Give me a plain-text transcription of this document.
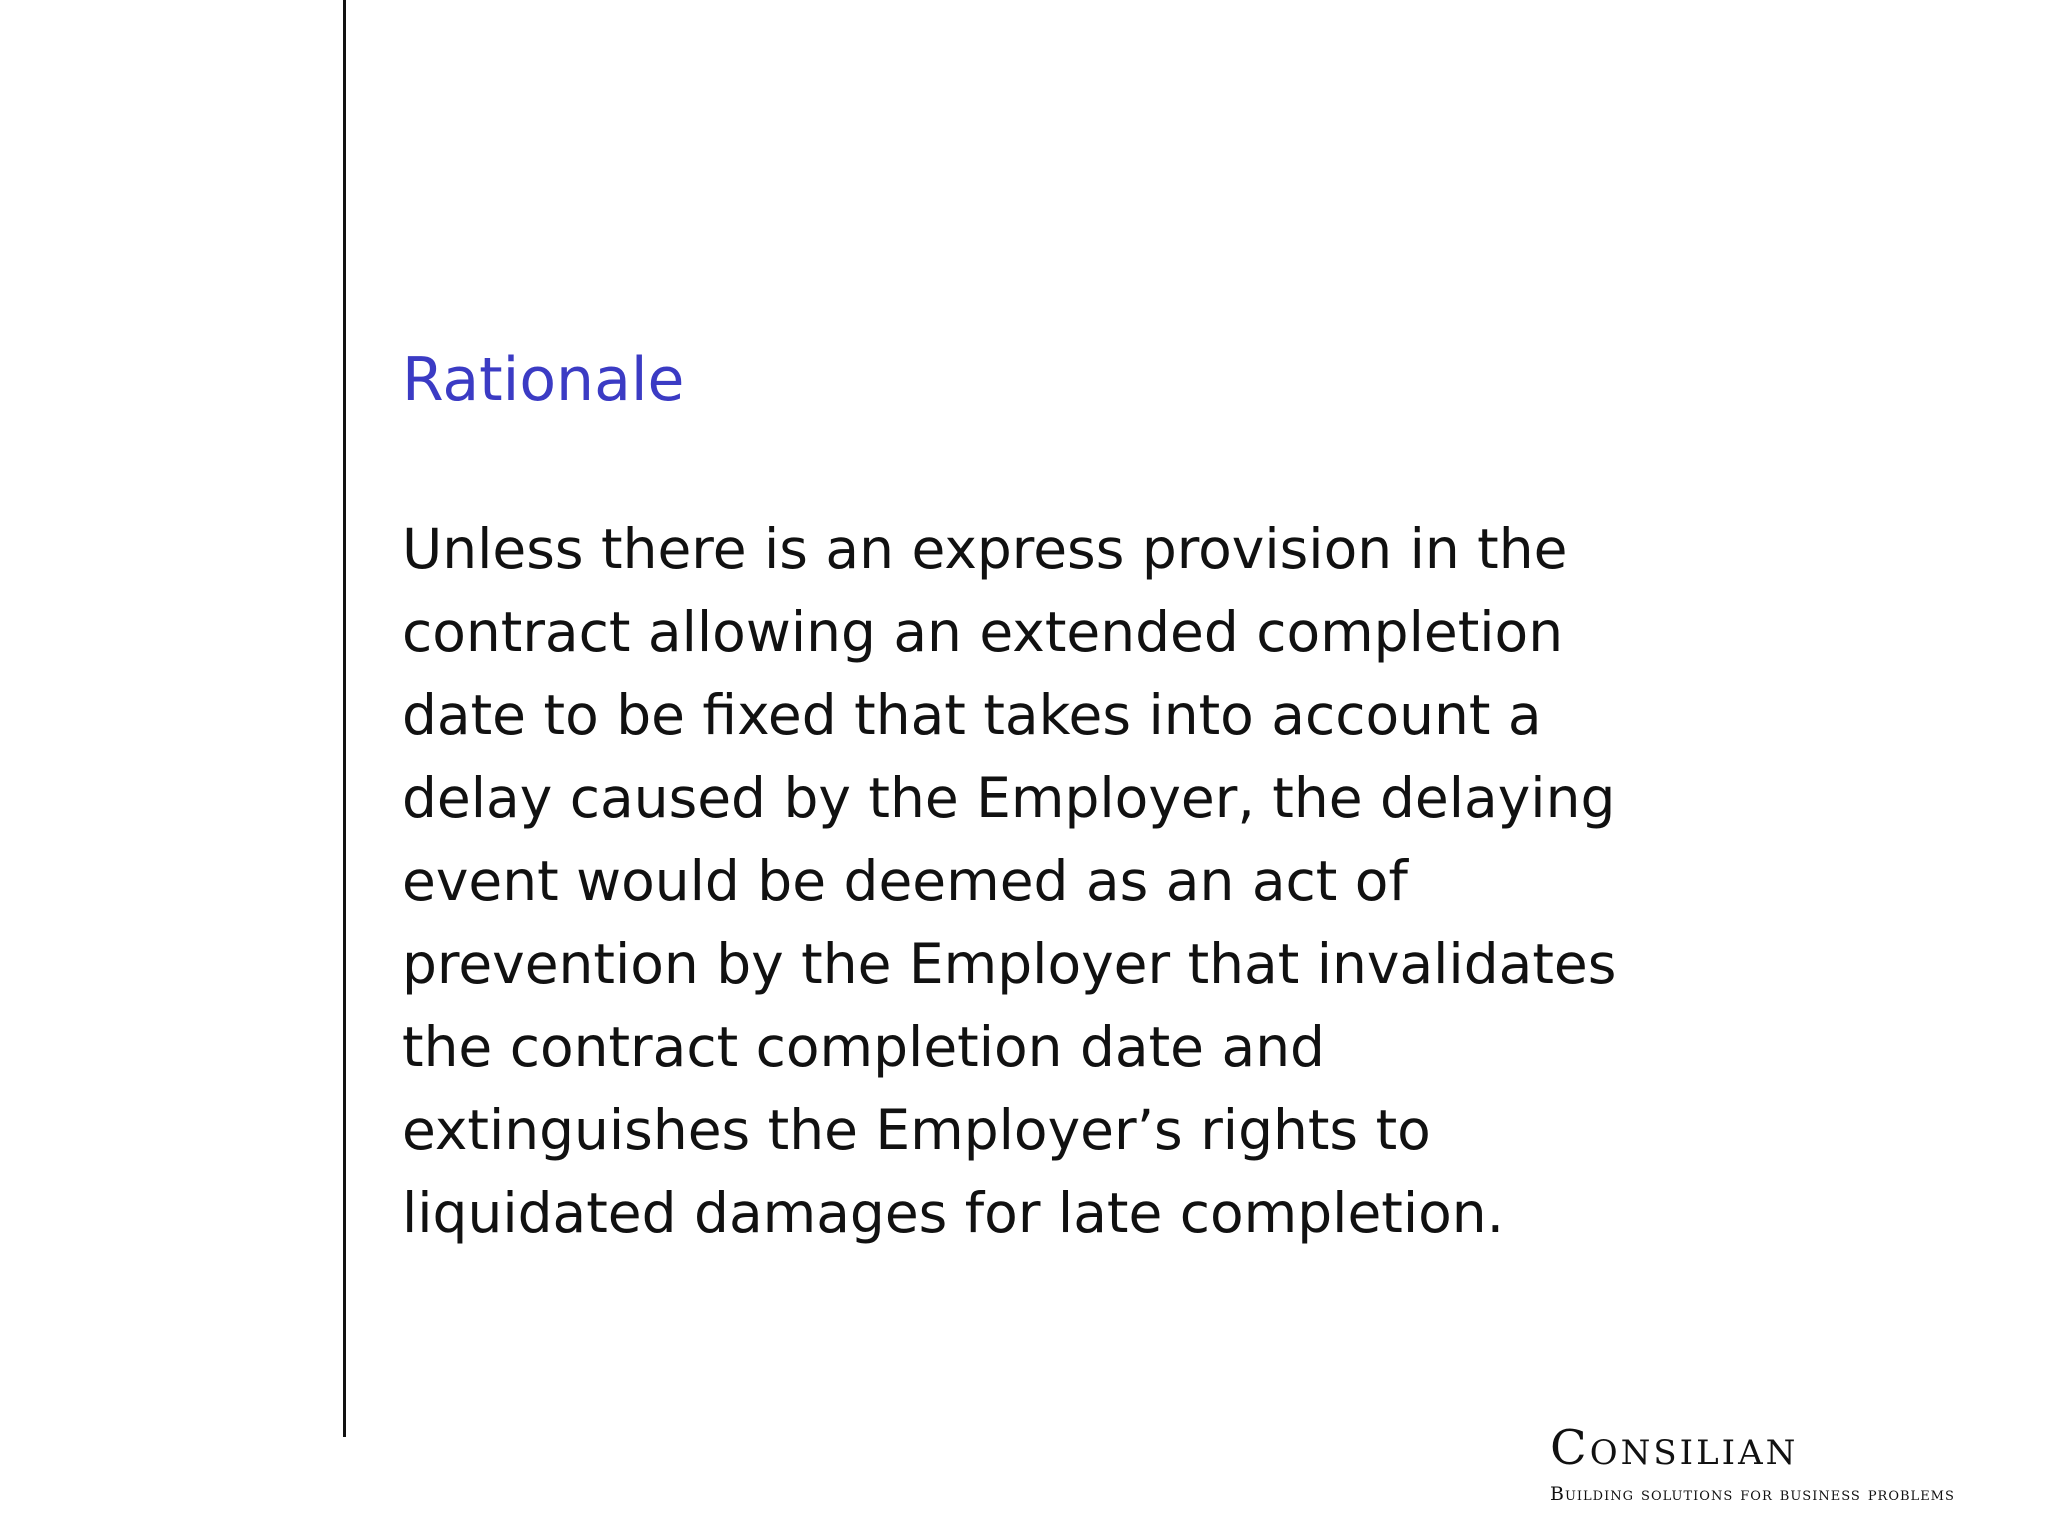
Rationale

Unless there is an express provision in the
contract allowing an extended completion
date to be fixed that takes into account a
delay caused by the Employer, the delaying
event would be deemed as an act of
prevention by the Employer that invalidates
the contract completion date and
extinguishes the Employer’s rights to
liquidated damages for late completion.

Consilian
Building solutions for business problems
